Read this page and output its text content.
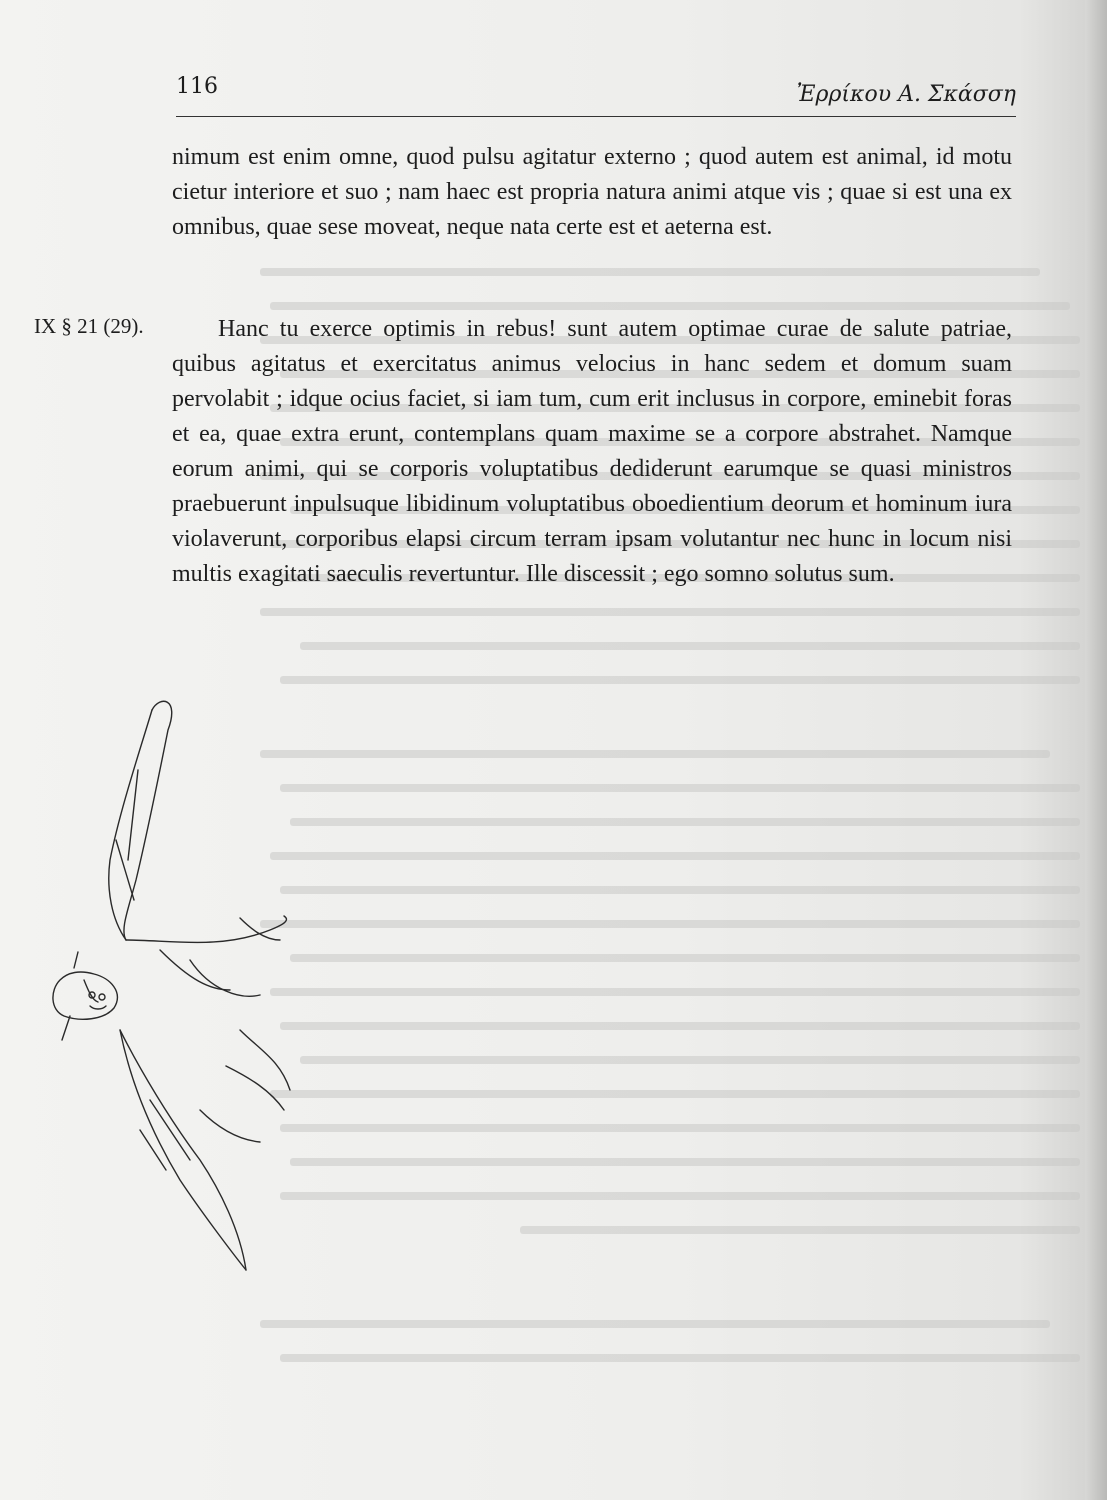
116	Ἐρρίκου Α. Σκάσση
nimum est enim omne, quod pulsu agitatur externo ; quod autem est animal, id motu cietur interiore et suo ; nam haec est propria natura animi atque vis ; quae si est una ex omnibus, quae sese moveat, neque nata certe est et aeterna est.
IX § 21 (29).	Hanc tu exerce optimis in rebus! sunt autem optimae curae de salute patriae, quibus agitatus et exercitatus animus velocius in hanc sedem et domum suam pervolabit ; idque ocius faciet, si iam tum, cum erit inclusus in corpore, eminebit foras et ea, quae extra erunt, contemplans quam maxime se a corpore abstrahet. Namque eorum animi, qui se corporis voluptatibus dediderunt earumque se quasi ministros praebuerunt inpulsuque libidinum voluptatibus oboedientium deorum et hominum iura violaverunt, corporibus elapsi circum terram ipsam volutantur nec hunc in locum nisi multis exagitati saeculis revertuntur. Ille discessit ; ego somno solutus sum.
